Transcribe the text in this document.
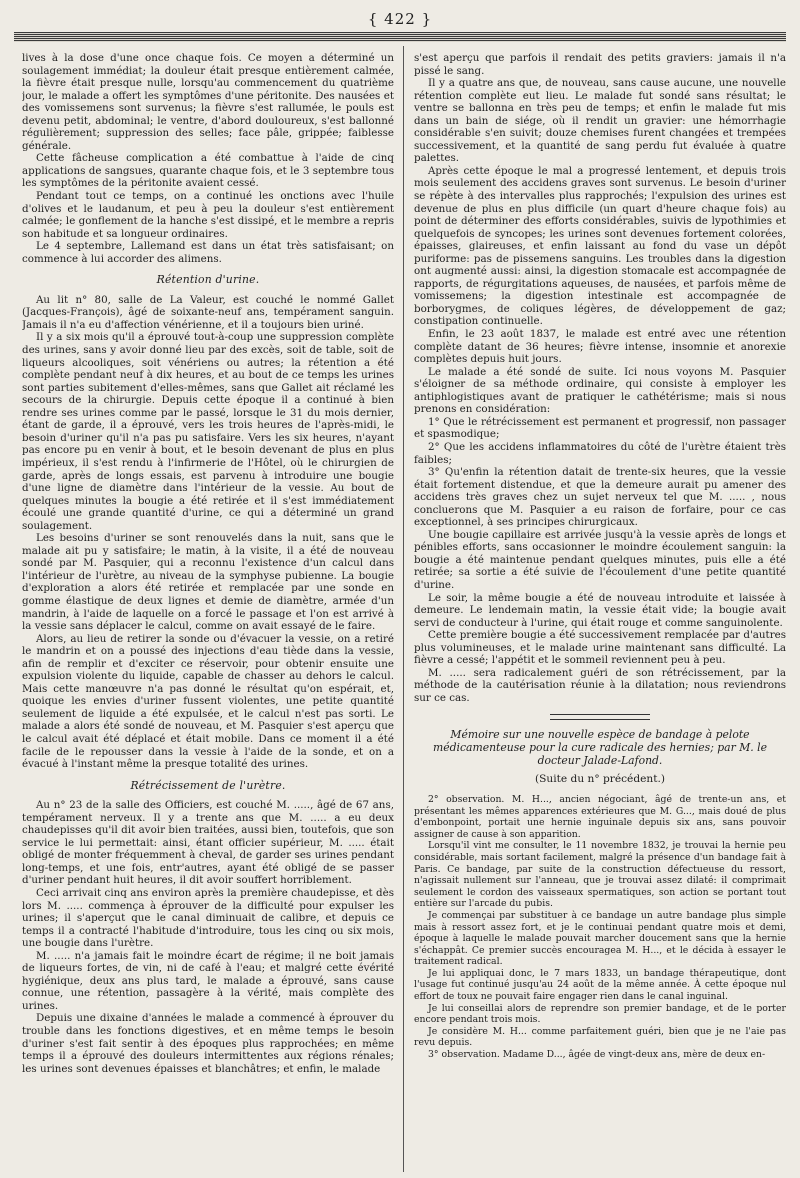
{ 422 }

lives à la dose d'une once chaque fois. Ce moyen a déterminé un soulagement immédiat; la douleur était presque entièrement calmée, la fièvre était presque nulle, lorsqu'au commencement du quatrième jour, le malade a offert les symptômes d'une péritonite. Des nausées et des vomissemens sont survenus; la fièvre s'est rallumée, le pouls est devenu petit, abdominal; le ventre, d'abord douloureux, s'est ballonné régulièrement; suppression des selles; face pâle, grippée; faiblesse générale.

Cette fâcheuse complication a été combattue à l'aide de cinq applications de sangsues, quarante chaque fois, et le 3 septembre tous les symptômes de la péritonite avaient cessé.

Pendant tout ce temps, on a continué les onctions avec l'huile d'olives et le laudanum, et peu à peu la douleur s'est entièrement calmée; le gonflement de la hanche s'est dissipé, et le membre a repris son habitude et sa longueur ordinaires.

Le 4 septembre, Lallemand est dans un état très satisfaisant; on commence à lui accorder des alimens.

Rétention d'urine.

Au lit n° 80, salle de La Valeur, est couché le nommé Gallet (Jacques-François), âgé de soixante-neuf ans, tempérament sanguin. Jamais il n'a eu d'affection vénérienne, et il a toujours bien uriné.

Il y a six mois qu'il a éprouvé tout-à-coup une suppression complète des urines, sans y avoir donné lieu par des excès, soit de table, soit de liqueurs alcooliques, soit vénériens ou autres; la rétention a été complète pendant neuf à dix heures, et au bout de ce temps les urines sont parties subitement d'elles-mêmes, sans que Gallet ait réclamé les secours de la chirurgie. Depuis cette époque il a continué à bien rendre ses urines comme par le passé, lorsque le 31 du mois dernier, étant de garde, il a éprouvé, vers les trois heures de l'après-midi, le besoin d'uriner qu'il n'a pas pu satisfaire. Vers les six heures, n'ayant pas encore pu en venir à bout, et le besoin devenant de plus en plus impérieux, il s'est rendu à l'infirmerie de l'Hôtel, où le chirurgien de garde, après de longs essais, est parvenu à introduire une bougie d'une ligne de diamètre dans l'intérieur de la vessie. Au bout de quelques minutes la bougie a été retirée et il s'est immédiatement écoulé une grande quantité d'urine, ce qui a déterminé un grand soulagement.

Les besoins d'uriner se sont renouvelés dans la nuit, sans que le malade ait pu y satisfaire; le matin, à la visite, il a été de nouveau sondé par M. Pasquier, qui a reconnu l'existence d'un calcul dans l'intérieur de l'urètre, au niveau de la symphyse pubienne. La bougie d'exploration a alors été retirée et remplacée par une sonde en gomme élastique de deux lignes et demie de diamètre, armée d'un mandrin, à l'aide de laquelle on a forcé le passage et l'on est arrivé à la vessie sans déplacer le calcul, comme on avait essayé de le faire.

Alors, au lieu de retirer la sonde ou d'évacuer la vessie, on a retiré le mandrin et on a poussé des injections d'eau tiède dans la vessie, afin de remplir et d'exciter ce réservoir, pour obtenir ensuite une expulsion violente du liquide, capable de chasser au dehors le calcul. Mais cette manœuvre n'a pas donné le résultat qu'on espérait, et, quoique les envies d'uriner fussent violentes, une petite quantité seulement de liquide a été expulsée, et le calcul n'est pas sorti. Le malade a alors été sondé de nouveau, et M. Pasquier s'est aperçu que le calcul avait été déplacé et était mobile. Dans ce moment il a été facile de le repousser dans la vessie à l'aide de la sonde, et on a évacué à l'instant même la presque totalité des urines.

Rétrécissement de l'urètre.

Au n° 23 de la salle des Officiers, est couché M. ....., âgé de 67 ans, tempérament nerveux. Il y a trente ans que M. ..... a eu deux chaudepisses qu'il dit avoir bien traitées, aussi bien, toutefois, que son service le lui permettait: ainsi, étant officier supérieur, M. ..... était obligé de monter fréquemment à cheval, de garder ses urines pendant long-temps, et une fois, entr'autres, ayant été obligé de se passer d'uriner pendant huit heures, il dit avoir souffert horriblement.

Ceci arrivait cinq ans environ après la première chaudepisse, et dès lors M. ..... commença à éprouver de la difficulté pour expulser les urines; il s'aperçut que le canal diminuait de calibre, et depuis ce temps il a contracté l'habitude d'introduire, tous les cinq ou six mois, une bougie dans l'urètre.

M. ..... n'a jamais fait le moindre écart de régime; il ne boit jamais de liqueurs fortes, de vin, ni de café à l'eau; et malgré cette évérité hygiénique, deux ans plus tard, le malade a éprouvé, sans cause connue, une rétention, passagère à la vérité, mais complète des urines.

Depuis une dixaine d'années le malade a commencé à éprouver du trouble dans les fonctions digestives, et en même temps le besoin d'uriner s'est fait sentir à des époques plus rapprochées; en même temps il a éprouvé des douleurs intermittentes aux régions rénales; les urines sont devenues épaisses et blanchâtres; et enfin, le malade

s'est aperçu que parfois il rendait des petits graviers: jamais il n'a pissé le sang.

Il y a quatre ans que, de nouveau, sans cause aucune, une nouvelle rétention complète eut lieu. Le malade fut sondé sans résultat; le ventre se ballonna en très peu de temps; et enfin le malade fut mis dans un bain de siége, où il rendit un gravier: une hémorrhagie considérable s'en suivit; douze chemises furent changées et trempées successivement, et la quantité de sang perdu fut évaluée à quatre palettes.

Après cette époque le mal a progressé lentement, et depuis trois mois seulement des accidens graves sont survenus. Le besoin d'uriner se répète à des intervalles plus rapprochés; l'expulsion des urines est devenue de plus en plus difficile (un quart d'heure chaque fois) au point de déterminer des efforts considérables, suivis de lypothimies et quelquefois de syncopes; les urines sont devenues fortement colorées, épaisses, glaireuses, et enfin laissant au fond du vase un dépôt puriforme: pas de pissemens sanguins. Les troubles dans la digestion ont augmenté aussi: ainsi, la digestion stomacale est accompagnée de rapports, de régurgitations aqueuses, de nausées, et parfois même de vomissemens; la digestion intestinale est accompagnée de borborygmes, de coliques légères, de développement de gaz; constipation continuelle.

Enfin, le 23 août 1837, le malade est entré avec une rétention complète datant de 36 heures; fièvre intense, insomnie et anorexie complètes depuis huit jours.

Le malade a été sondé de suite. Ici nous voyons M. Pasquier s'éloigner de sa méthode ordinaire, qui consiste à employer les antiphlogistiques avant de pratiquer le cathétérisme; mais si nous prenons en considération:

1° Que le rétrécissement est permanent et progressif, non passager et spasmodique;

2° Que les accidens inflammatoires du côté de l'urètre étaient très faibles;

3° Qu'enfin la rétention datait de trente-six heures, que la vessie était fortement distendue, et que la demeure aurait pu amener des accidens très graves chez un sujet nerveux tel que M. ..... , nous concluerons que M. Pasquier a eu raison de forfaire, pour ce cas exceptionnel, à ses principes chirurgicaux.

Une bougie capillaire est arrivée jusqu'à la vessie après de longs et pénibles efforts, sans occasionner le moindre écoulement sanguin: la bougie a été maintenue pendant quelques minutes, puis elle a été retirée; sa sortie a été suivie de l'écoulement d'une petite quantité d'urine.

Le soir, la même bougie a été de nouveau introduite et laissée à demeure. Le lendemain matin, la vessie était vide; la bougie avait servi de conducteur à l'urine, qui était rouge et comme sanguinolente.

Cette première bougie a été successivement remplacée par d'autres plus volumineuses, et le malade urine maintenant sans difficulté. La fièvre a cessé; l'appétit et le sommeil reviennent peu à peu.

M. ..... sera radicalement guéri de son rétrécissement, par la méthode de la cautérisation réunie à la dilatation; nous reviendrons sur ce cas.

Mémoire sur une nouvelle espèce de bandage à pelote médicamenteuse pour la cure radicale des hernies; par M. le docteur Jalade-Lafond.
(Suite du n° précédent.)

2° observation. M. H..., ancien négociant, âgé de trente-un ans, et présentant les mêmes apparences extérieures que M. G..., mais doué de plus d'embonpoint, portait une hernie inguinale depuis six ans, sans pouvoir assigner de cause à son apparition.

Lorsqu'il vint me consulter, le 11 novembre 1832, je trouvai la hernie peu considérable, mais sortant facilement, malgré la présence d'un bandage fait à Paris. Ce bandage, par suite de la construction défectueuse du ressort, n'agissait nullement sur l'anneau, que je trouvai assez dilaté: il comprimait seulement le cordon des vaisseaux spermatiques, son action se portant tout entière sur l'arcade du pubis.

Je commençai par substituer à ce bandage un autre bandage plus simple mais à ressort assez fort, et je le continuai pendant quatre mois et demi, époque à laquelle le malade pouvait marcher doucement sans que la hernie s'échappât. Ce premier succès encouragea M. H..., et le décida à essayer le traitement radical.

Je lui appliquai donc, le 7 mars 1833, un bandage thérapeutique, dont l'usage fut continué jusqu'au 24 août de la même année. À cette époque nul effort de toux ne pouvait faire engager rien dans le canal inguinal.

Je lui conseillai alors de reprendre son premier bandage, et de le porter encore pendant trois mois.

Je considère M. H... comme parfaitement guéri, bien que je ne l'aie pas revu depuis.

3° observation. Madame D..., âgée de vingt-deux ans, mère de deux en-
